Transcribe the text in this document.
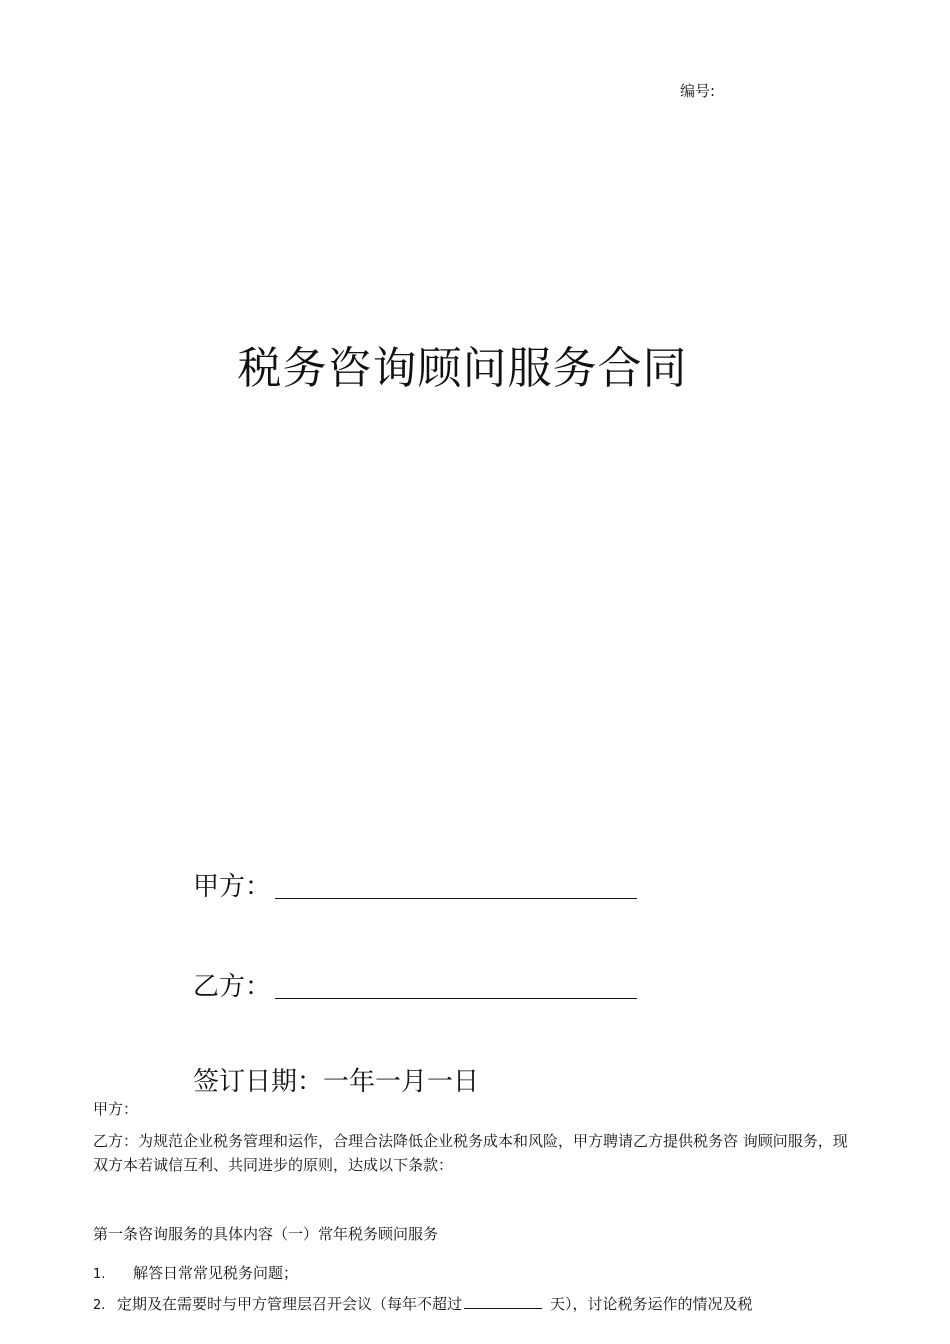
编号:
税务咨询顾问服务合同
甲方：
乙方：
签订日期：一年一月一日
甲方：
乙方：为规范企业税务管理和运作，合理合法降低企业税务成本和风险，甲方聘请乙方提供税务咨 询顾问服务，现双方本若诚信互利、共同进步的原则，达成以下条款：
第一条咨询服务的具体内容（一）常年税务顾问服务
1. 解答日常常见税务问题；
2. 定期及在需要时与甲方管理层召开会议（每年不超过	天），讨论税务运作的情况及税
